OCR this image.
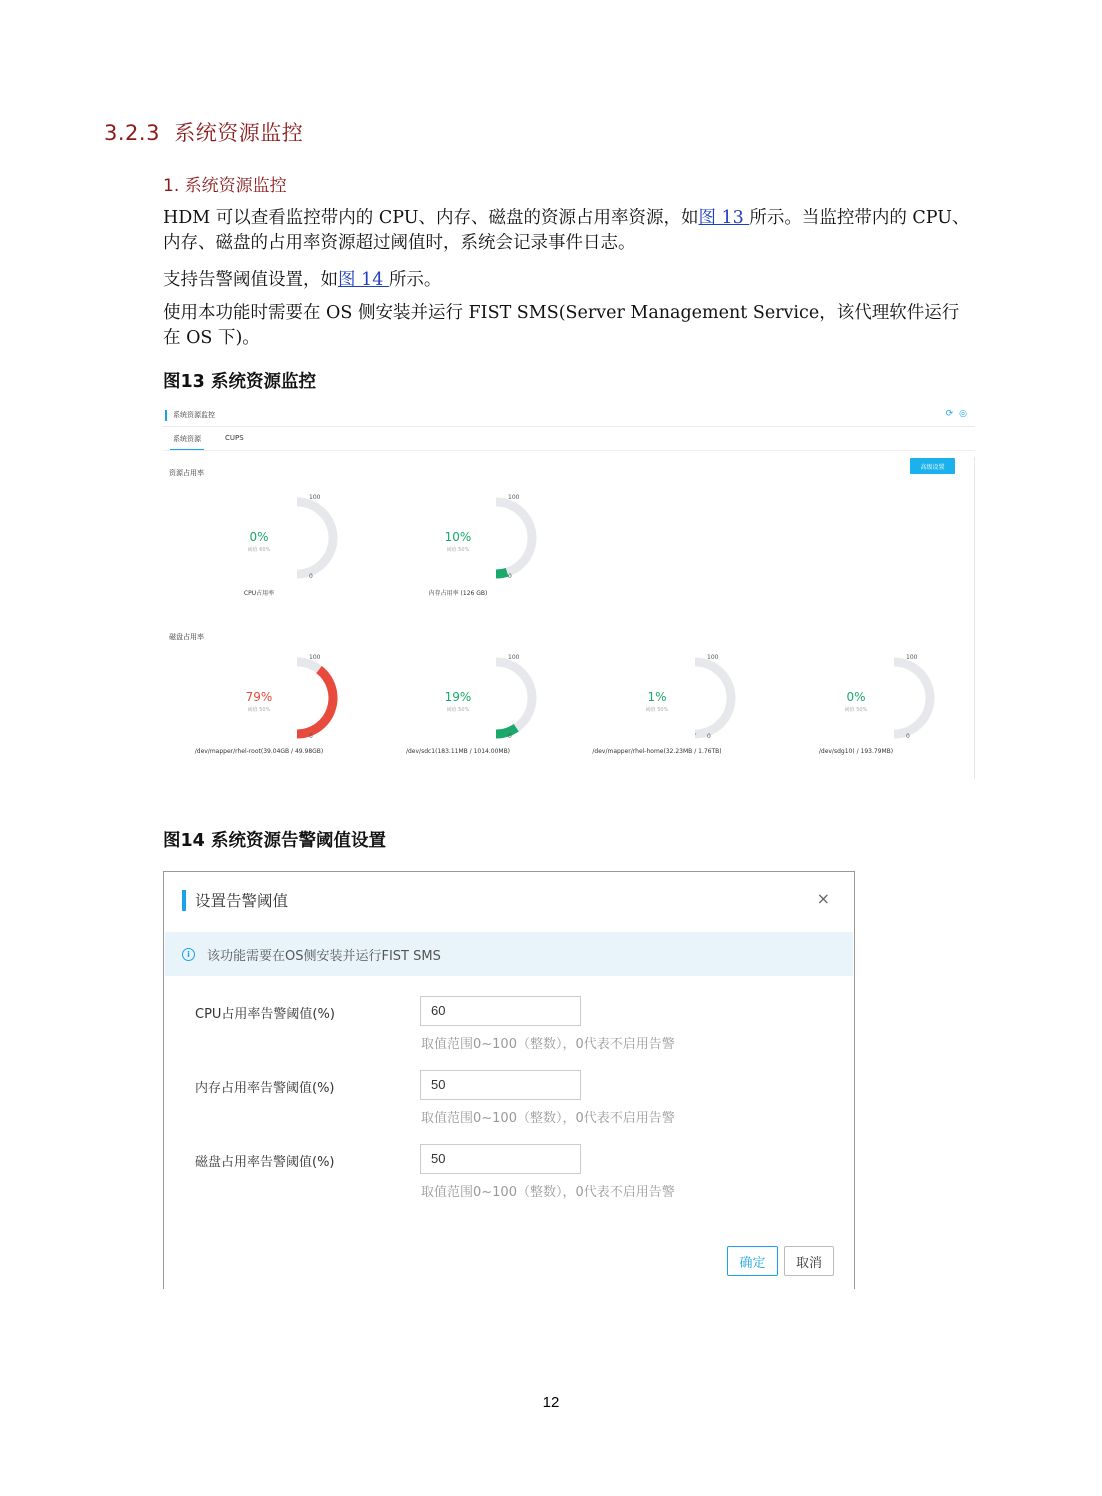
3.2.3 系统资源监控
1. 系统资源监控
HDM 可以查看监控带内的 CPU、内存、磁盘的资源占用率资源，如图 13 所示。当监控带内的 CPU、
内存、磁盘的占用率资源超过阈值时，系统会记录事件日志。
支持告警阈值设置，如图 14 所示。
使用本功能时需要在 OS 侧安装并运行 FIST SMS(Server Management Service，该代理软件运行
在 OS 下)。
图13 系统资源监控
系统资源监控	⟳ ◎
系统资源	CUPS
高级设置
资源占用率
磁盘占用率
0%
阈值 60%
100
0
CPU占用率
10%
阈值 50%
100
0
内存占用率 (126 GB)
79%
阈值 50%
100
0
/dev/mapper/rhel-root(39.04GB / 49.98GB)
19%
阈值 50%
100
0
/dev/sdc1(183.11MB / 1014.00MB)
1%
阈值 50%
100
0
/dev/mapper/rhel-home(32.23MB / 1.76TB)
0%
阈值 50%
100
0
/dev/sdg10( / 193.79MB)
图14 系统资源告警阈值设置
设置告警阈值	×
i	该功能需要在OS侧安装并运行FIST SMS
CPU占用率告警阈值(%)	60
取值范围0~100（整数），0代表不启用告警
内存占用率告警阈值(%)	50
取值范围0~100（整数），0代表不启用告警
磁盘占用率告警阈值(%)	50
取值范围0~100（整数），0代表不启用告警
确定	取消
12
